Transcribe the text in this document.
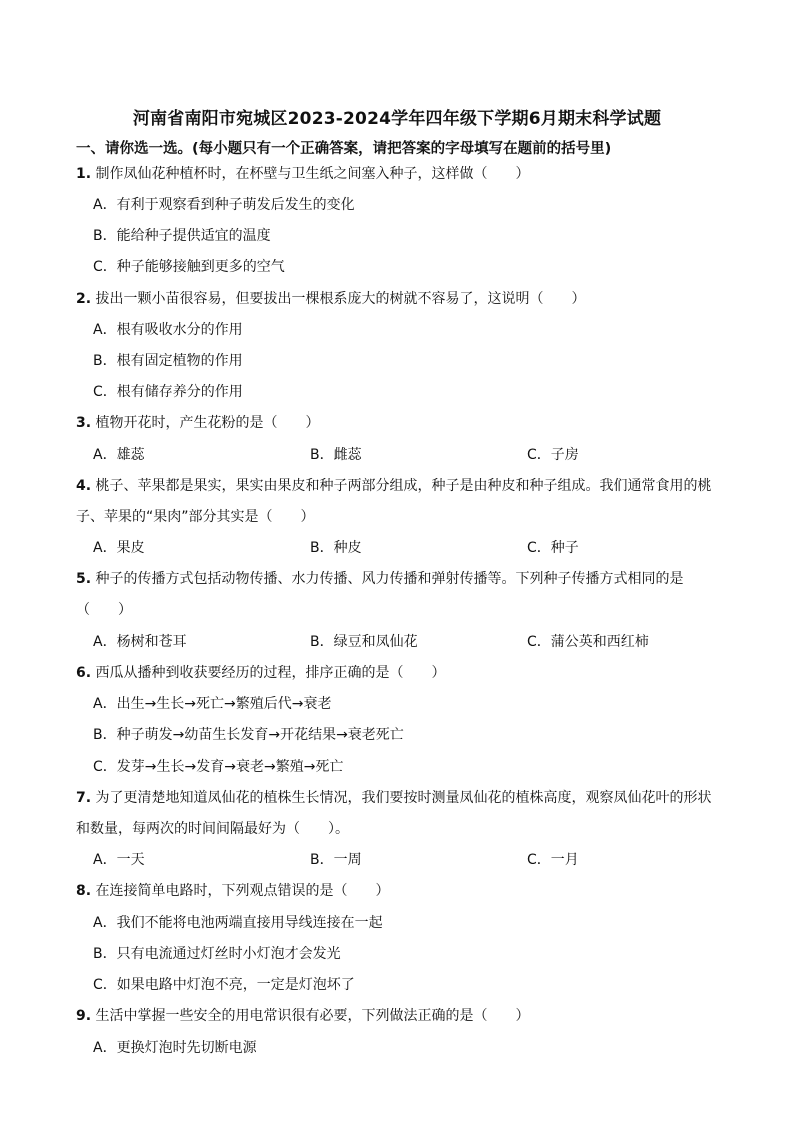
河南省南阳市宛城区2023-2024学年四年级下学期6月期末科学试题
一、请你选一选。(每小题只有一个正确答案，请把答案的字母填写在题前的括号里)
1. 制作凤仙花种植杯时，在杯壁与卫生纸之间塞入种子，这样做（　　）
A．有利于观察看到种子萌发后发生的变化
B．能给种子提供适宜的温度
C．种子能够接触到更多的空气
2. 拔出一颗小苗很容易，但要拔出一棵根系庞大的树就不容易了，这说明（　　）
A．根有吸收水分的作用
B．根有固定植物的作用
C．根有储存养分的作用
3. 植物开花时，产生花粉的是（　　）
A．雄蕊	B．雌蕊	C．子房
4. 桃子、苹果都是果实，果实由果皮和种子两部分组成，种子是由种皮和种子组成。我们通常食用的桃
子、苹果的“果肉”部分其实是（　　）
A．果皮	B．种皮	C．种子
5. 种子的传播方式包括动物传播、水力传播、风力传播和弹射传播等。下列种子传播方式相同的是
（　　）
A．杨树和苍耳	B．绿豆和凤仙花	C．蒲公英和西红柿
6. 西瓜从播种到收获要经历的过程，排序正确的是（　　）
A．出生→生长→死亡→繁殖后代→衰老
B．种子萌发→幼苗生长发育→开花结果→衰老死亡
C．发芽→生长→发育→衰老→繁殖→死亡
7. 为了更清楚地知道凤仙花的植株生长情况，我们要按时测量凤仙花的植株高度，观察凤仙花叶的形状
和数量，每两次的时间间隔最好为（　　）。
A．一天	B．一周	C．一月
8. 在连接简单电路时，下列观点错误的是（　　）
A．我们不能将电池两端直接用导线连接在一起
B．只有电流通过灯丝时小灯泡才会发光
C．如果电路中灯泡不亮，一定是灯泡坏了
9. 生活中掌握一些安全的用电常识很有必要，下列做法正确的是（　　）
A．更换灯泡时先切断电源
